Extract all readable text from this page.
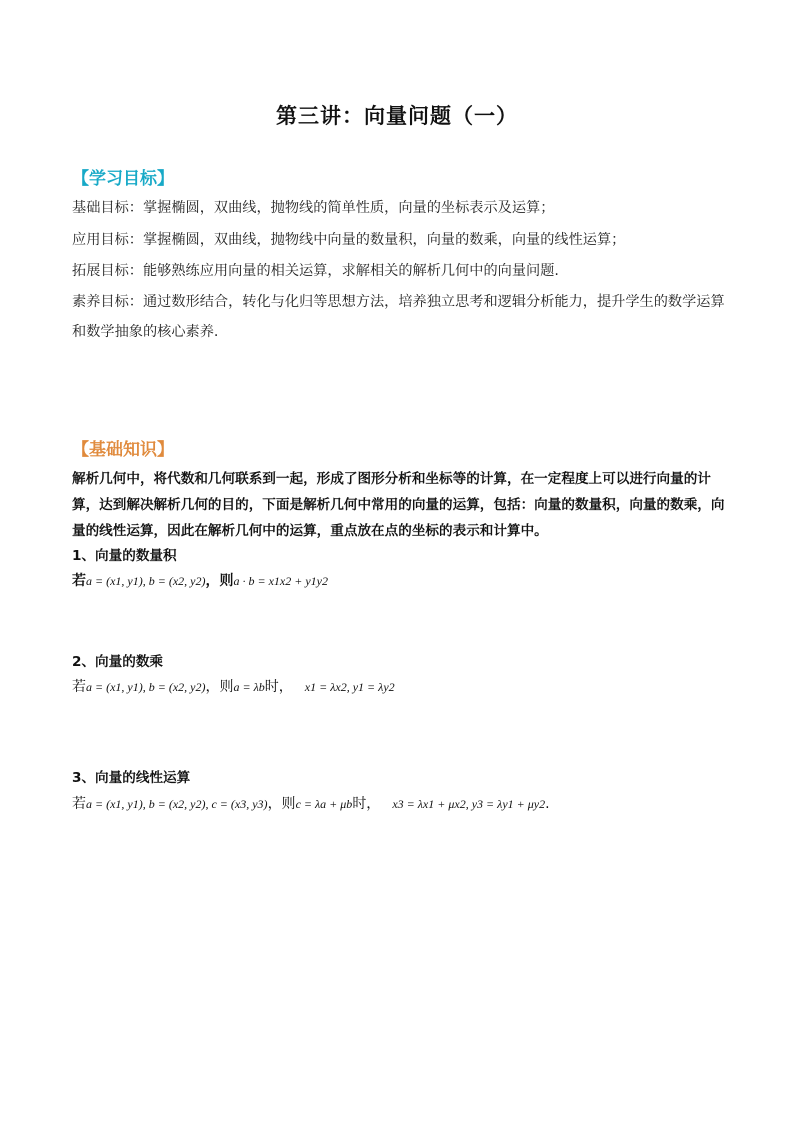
第三讲：向量问题（一）
【学习目标】
基础目标：掌握椭圆，双曲线，抛物线的简单性质，向量的坐标表示及运算；
应用目标：掌握椭圆，双曲线，抛物线中向量的数量积，向量的数乘，向量的线性运算；
拓展目标：能够熟练应用向量的相关运算，求解相关的解析几何中的向量问题.
素养目标：通过数形结合，转化与化归等思想方法，培养独立思考和逻辑分析能力，提升学生的数学运算和数学抽象的核心素养.
【基础知识】
解析几何中，将代数和几何联系到一起，形成了图形分析和坐标等的计算，在一定程度上可以进行向量的计算，达到解决解析几何的目的，下面是解析几何中常用的向量的运算，包括：向量的数量积，向量的数乘，向量的线性运算，因此在解析几何中的运算，重点放在点的坐标的表示和计算中。
1、向量的数量积
若a = (x1, y1), b = (x2, y2)，则a · b = x1x2 + y1y2
2、向量的数乘
若a = (x1, y1), b = (x2, y2)，则a = λb时， x1 = λx2, y1 = λy2
3、向量的线性运算
若a = (x1, y1), b = (x2, y2), c = (x3, y3)，则c = λa + μb时， x3 = λx1 + μx2, y3 = λy1 + μy2.
